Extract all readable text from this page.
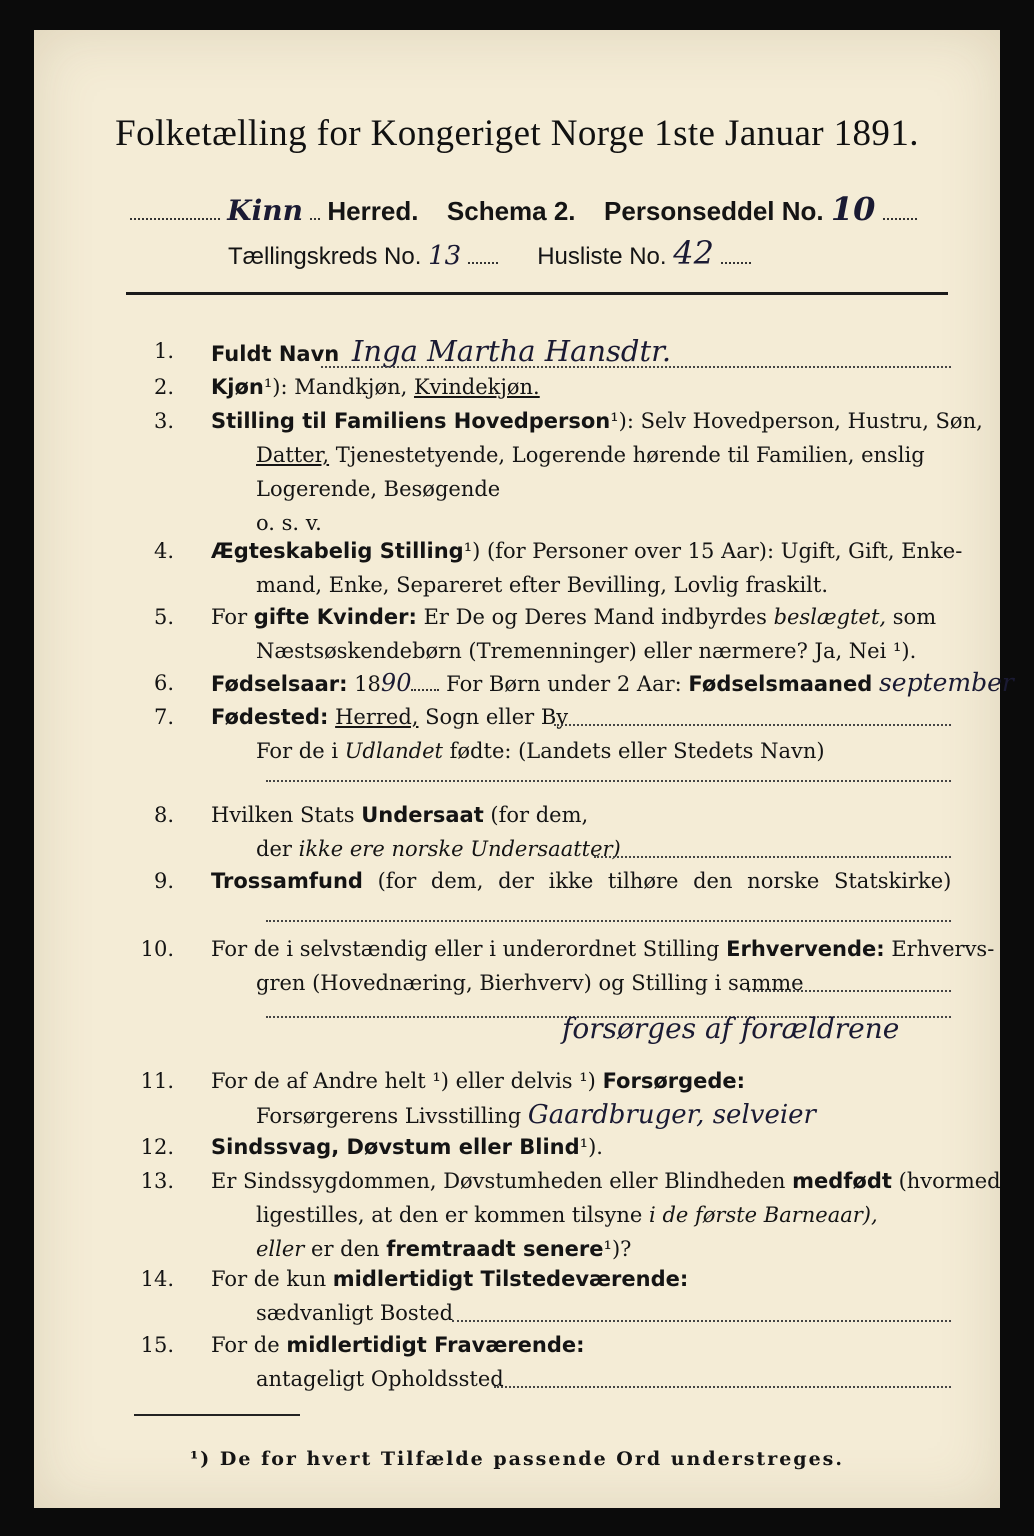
Folketælling for Kongeriget Norge 1ste Januar 1891.
Kinn Herred. Schema 2. Personseddel No. 10
Tællingskreds No. 13	Husliste No. 42
1. Fuldt Navn Inga Martha Hansdtr.
2. Kjøn¹): Mandkjøn, Kvindekjøn.
3. Stilling til Familiens Hovedperson¹): Selv Hovedperson, Hustru, Søn,
Datter, Tjenestetyende, Logerende hørende til Familien, enslig
Logerende, Besøgende
o. s. v.
4. Ægteskabelig Stilling¹) (for Personer over 15 Aar): Ugift, Gift, Enke-
mand, Enke, Separeret efter Bevilling, Lovlig fraskilt.
5. For gifte Kvinder: Er De og Deres Mand indbyrdes beslægtet, som
Næstsøskendebørn (Tremenninger) eller nærmere? Ja, Nei ¹).
6. Fødselsaar: 1890 For Børn under 2 Aar: Fødselsmaaned september
7. Fødested: Herred, Sogn eller By
For de i Udlandet fødte: (Landets eller Stedets Navn)
8. Hvilken Stats Undersaat (for dem,
der ikke ere norske Undersaatter)
9. Trossamfund (for dem, der ikke tilhøre den norske Statskirke)
10. For de i selvstændig eller i underordnet Stilling Erhvervende: Erhvervs-
gren (Hovednæring, Bierhverv) og Stilling i samme
forsørges af forældrene
11. For de af Andre helt ¹) eller delvis ¹) Forsørgede:
Forsørgerens Livsstilling Gaardbruger, selveier
12. Sindssvag, Døvstum eller Blind¹).
13. Er Sindssygdommen, Døvstumheden eller Blindheden medfødt (hvormed
ligestilles, at den er kommen tilsyne i de første Barneaar),
eller er den fremtraadt senere¹)?
14. For de kun midlertidigt Tilstedeværende:
sædvanligt Bosted
15. For de midlertidigt Fraværende:
antageligt Opholdssted
¹) De for hvert Tilfælde passende Ord understreges.
